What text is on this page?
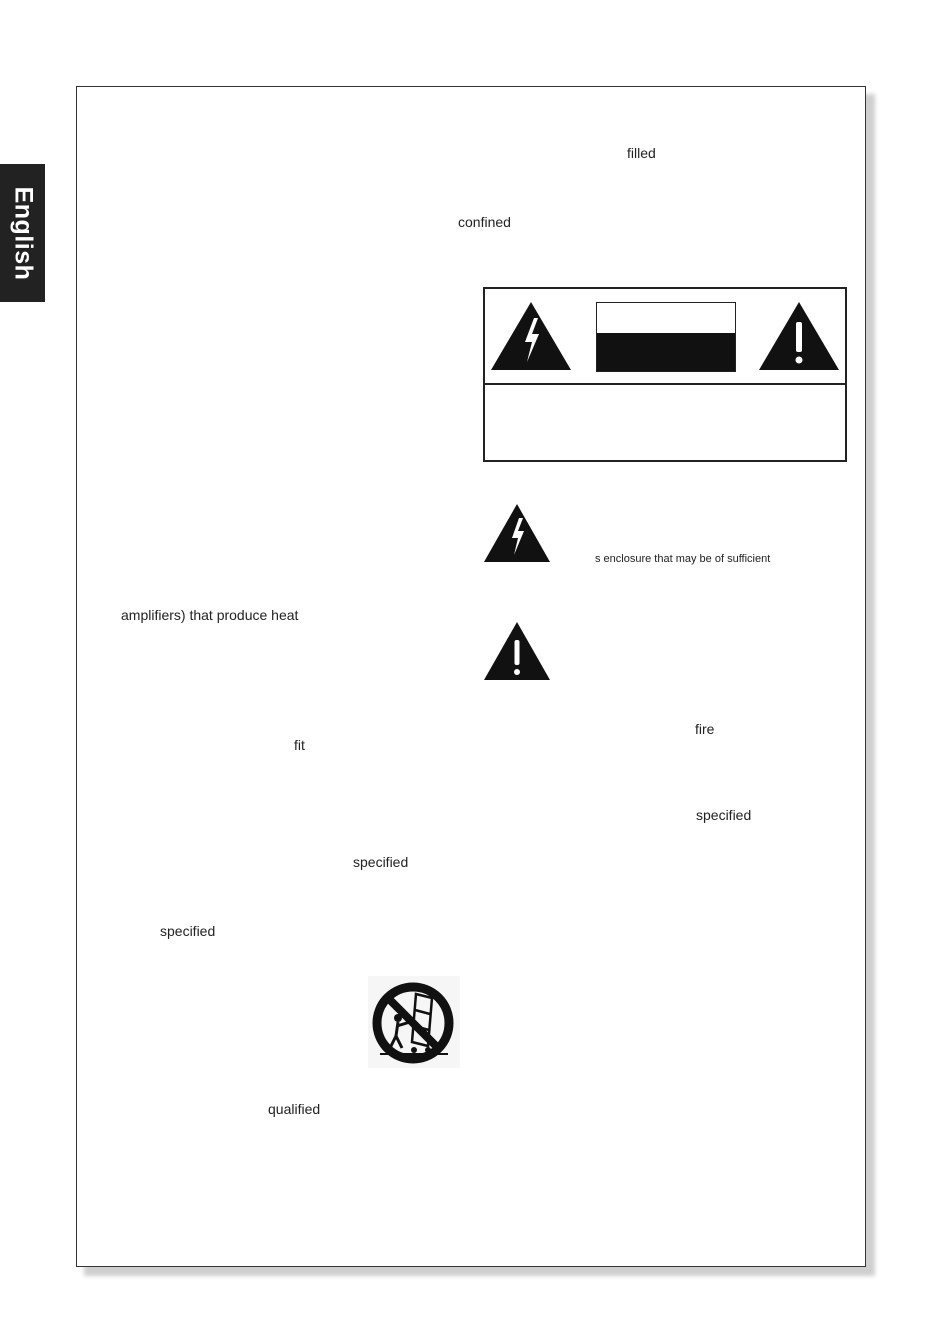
English
filled
confined
amplifiers) that produce heat
fire
fit
specified
specified
specified
qualified
s enclosure that may be of sufficient
